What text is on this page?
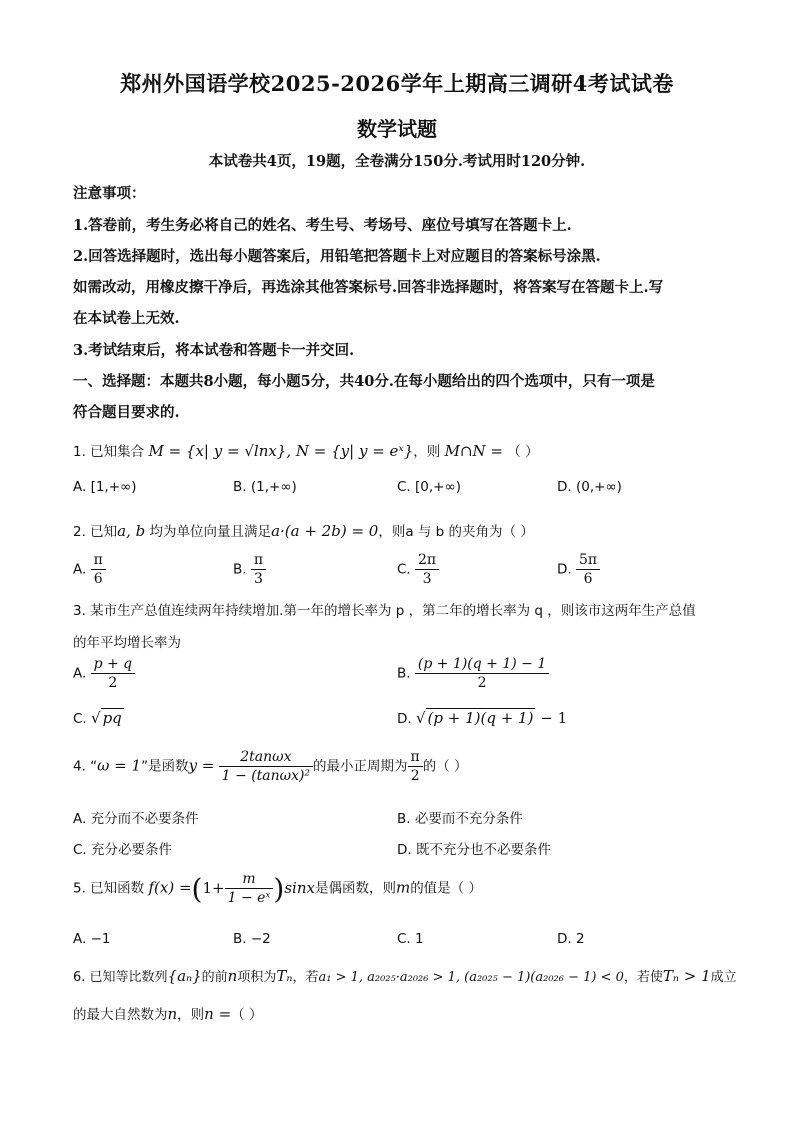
郑州外国语学校2025-2026学年上期高三调研4考试试卷
数学试题
本试卷共4页，19题，全卷满分150分.考试用时120分钟.
注意事项：
1.答卷前，考生务必将自己的姓名、考生号、考场号、座位号填写在答题卡上.
2.回答选择题时，选出每小题答案后，用铅笔把答题卡上对应题目的答案标号涂黑.
如需改动，用橡皮擦干净后，再选涂其他答案标号.回答非选择题时，将答案写在答题卡上.写
在本试卷上无效.
3.考试结束后，将本试卷和答题卡一并交回.
一、选择题：本题共8小题，每小题5分，共40分.在每小题给出的四个选项中，只有一项是
符合题目要求的.
1. 已知集合 M = {x| y = √lnx}, N = {y| y = eˣ}，则 M∩N = （ ）
A. [1,+∞)	B. (1,+∞)	C. [0,+∞)	D. (0,+∞)
2. 已知a, b 均为单位向量且满足a·(a + 2b) = 0，则a 与 b 的夹角为（ ）
A. $\frac{\pi}{6}$	B. $\frac{\pi}{3}$	C. $\frac{2\pi}{3}$	D. $\frac{5\pi}{6}$
3. 某市生产总值连续两年持续增加.第一年的增长率为 p ，第二年的增长率为 q ，则该市这两年生产总值
的年平均增长率为
A. $\frac{p + q}{2}$	B. $\frac{(p + 1)(q + 1) - 1}{2}$
C. √ pq	D. √ (p + 1)(q + 1) − 1
4. “ω = 1”是函数$y = \frac{2\tan\omega x}{\text{1 − (tanωx)²}}$ 的最小正周期为 $\frac{\pi}{2}$ 的（ ）
A. 充分而不必要条件	B. 必要而不充分条件
C. 充分必要条件	D. 既不充分也不必要条件
5. 已知函数 $f(x) =(1+ \frac{m}{\text{1 − eˣ}} )\sin x$是偶函数，则m的值是（ ）
A. −1	B. −2	C. 1	D. 2
6. 已知等比数列{aₙ}的前n项积为Tₙ，若a₁ > 1, a₂₀₂₅·a₂₀₂₆ > 1, (a₂₀₂₅ − 1)(a₂₀₂₆ − 1) < 0，若使Tₙ > 1成立
的最大自然数为n，则n =（ ）
